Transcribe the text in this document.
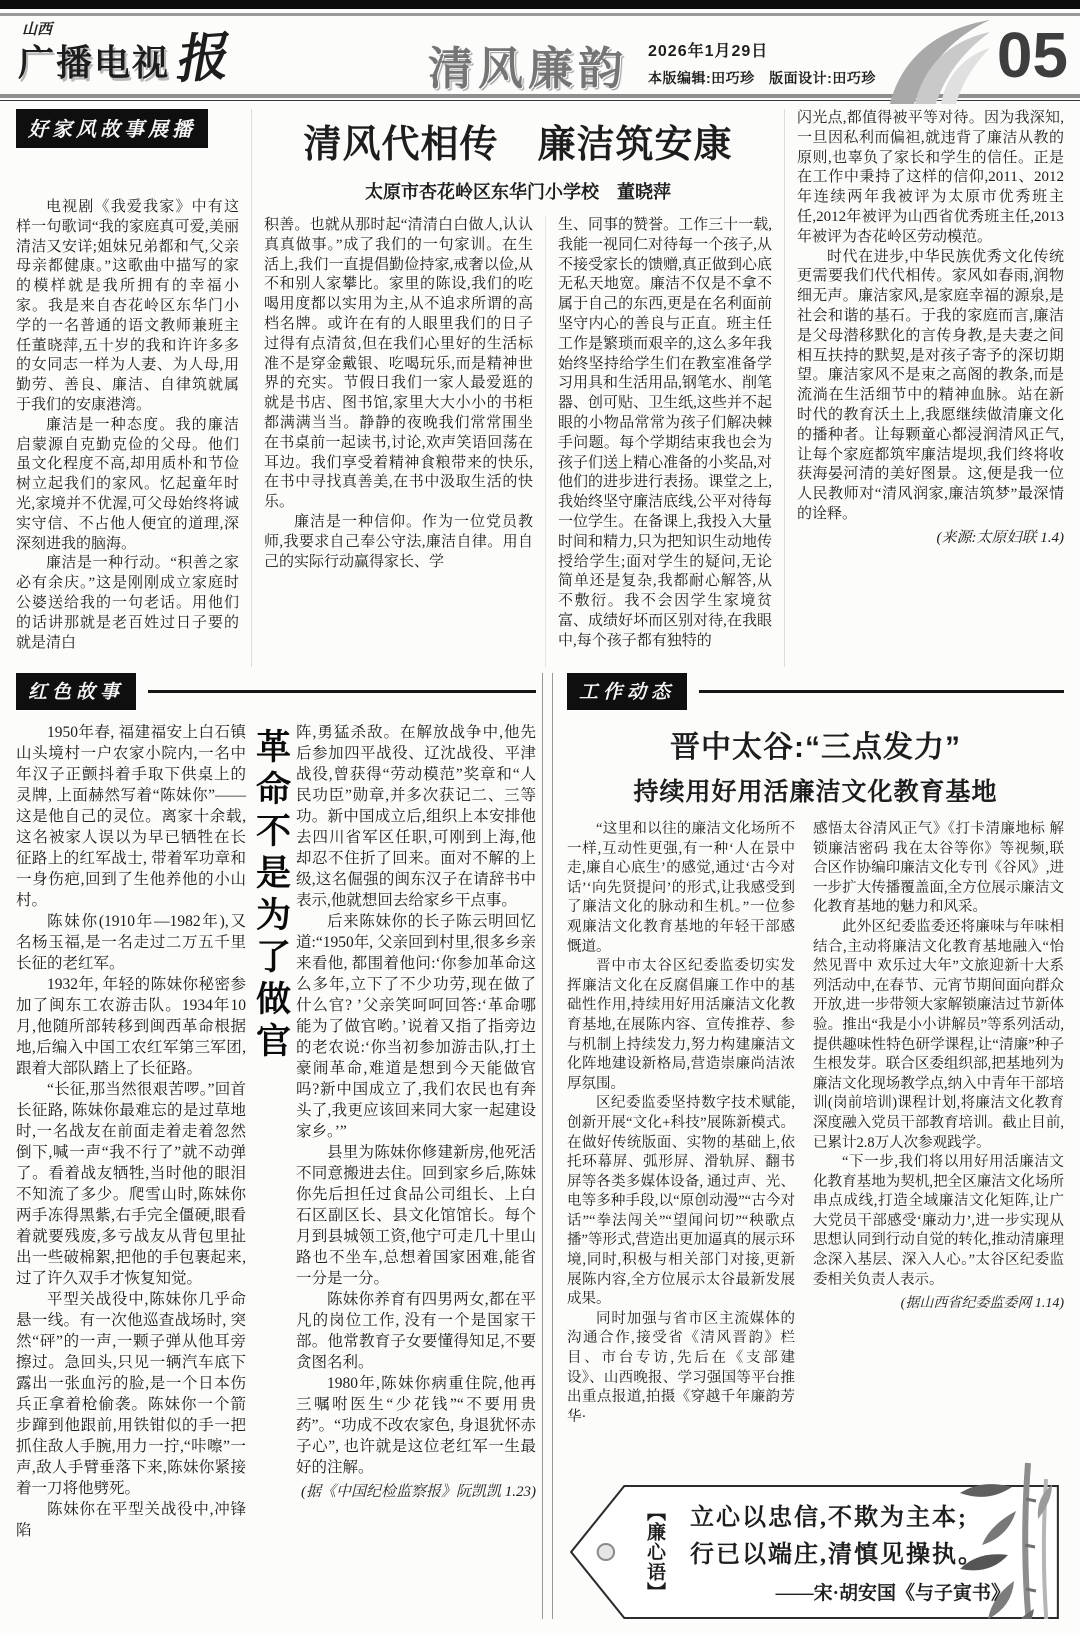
山西
广播电视 报	清风廉韵 2026年1月29日
本版编辑:田巧珍　版面设计:田巧珍 05
好家风故事展播

电视剧《我爱我家》中有这样一句歌词“我的家庭真可爱,美丽清洁又安详;姐妹兄弟都和气,父亲母亲都健康。”这歌曲中描写的家的模样就是我所拥有的幸福小家。我是来自杏花岭区东华门小学的一名普通的语文教师兼班主任董晓萍,五十岁的我和许许多多的女同志一样为人妻、为人母,用勤劳、善良、廉洁、自律筑就属于我们的安康港湾。

廉洁是一种态度。我的廉洁启蒙源自克勤克俭的父母。他们虽文化程度不高,却用质朴和节俭树立起我们的家风。忆起童年时光,家境并不优渥,可父母始终将诚实守信、不占他人便宜的道理,深深刻进我的脑海。

廉洁是一种行动。“积善之家必有余庆。”这是刚刚成立家庭时公婆送给我的一句老话。用他们的话讲那就是老百姓过日子要的就是清白

清风代相传　廉洁筑安康
太原市杏花岭区东华门小学校　董晓萍

积善。也就从那时起“清清白白做人,认认真真做事。”成了我们的一句家训。在生活上,我们一直提倡勤俭持家,戒奢以俭,从不和别人家攀比。家里的陈设,我们的吃喝用度都以实用为主,从不追求所谓的高档名牌。或许在有的人眼里我们的日子过得有点清贫,但在我们心里好的生活标准不是穿金戴银、吃喝玩乐,而是精神世界的充实。节假日我们一家人最爱逛的就是书店、图书馆,家里大大小小的书柜都满满当当。静静的夜晚我们常常围坐在书桌前一起读书,讨论,欢声笑语回荡在耳边。我们享受着精神食粮带来的快乐,在书中寻找真善美,在书中汲取生活的快乐。

廉洁是一种信仰。作为一位党员教师,我要求自己奉公守法,廉洁自律。用自己的实际行动赢得家长、学

生、同事的赞誉。工作三十一载,我能一视同仁对待每一个孩子,从不接受家长的馈赠,真正做到心底无私天地宽。廉洁不仅是不拿不属于自己的东西,更是在名利面前坚守内心的善良与正直。班主任工作是繁琐而艰辛的,这么多年我始终坚持给学生们在教室准备学习用具和生活用品,钢笔水、削笔器、创可贴、卫生纸,这些并不起眼的小物品常常为孩子们解决棘手问题。每个学期结束我也会为孩子们送上精心准备的小奖品,对他们的进步进行表扬。课堂之上,我始终坚守廉洁底线,公平对待每一位学生。在备课上,我投入大量时间和精力,只为把知识生动地传授给学生;面对学生的疑问,无论简单还是复杂,我都耐心解答,从不敷衍。我不会因学生家境贫富、成绩好坏而区别对待,在我眼中,每个孩子都有独特的

闪光点,都值得被平等对待。因为我深知,一旦因私利而偏袒,就违背了廉洁从教的原则,也辜负了家长和学生的信任。正是在工作中秉持了这样的信仰,2011、2012年连续两年我被评为太原市优秀班主任,2012年被评为山西省优秀班主任,2013年被评为杏花岭区劳动模范。

时代在进步,中华民族优秀文化传统更需要我们代代相传。家风如春雨,润物细无声。廉洁家风,是家庭幸福的源泉,是社会和谐的基石。于我的家庭而言,廉洁是父母潜移默化的言传身教,是夫妻之间相互扶持的默契,是对孩子寄予的深切期望。廉洁家风不是束之高阁的教条,而是流淌在生活细节中的精神血脉。站在新时代的教育沃土上,我愿继续做清廉文化的播种者。让每颗童心都浸润清风正气,让每个家庭都筑牢廉洁堤坝,我们终将收获海晏河清的美好图景。这,便是我一位人民教师对“清风润家,廉洁筑梦”最深情的诠释。

(来源:太原妇联 1.4)
红色故事

1950年春, 福建福安上白石镇山头境村一户农家小院内,一名中年汉子正颤抖着手取下供桌上的灵牌, 上面赫然写着“陈妹你”——这是他自己的灵位。离家十余载,这名被家人误以为早已牺牲在长征路上的红军战士, 带着军功章和一身伤疤,回到了生他养他的小山村。

陈妹你(1910年—1982年),又名杨玉福,是一名走过二万五千里长征的老红军。

1932年, 年轻的陈妹你秘密参加了闽东工农游击队。1934年10月,他随所部转移到闽西革命根据地,后编入中国工农红军第三军团,跟着大部队踏上了长征路。

“长征,那当然很艰苦啰。”回首长征路, 陈妹你最难忘的是过草地时,一名战友在前面走着走着忽然倒下,喊一声“我不行了”就不动弹了。看着战友牺牲,当时他的眼泪不知流了多少。爬雪山时,陈妹你两手冻得黑紫,右手完全僵硬,眼看着就要残废,多亏战友从背包里扯出一些破棉絮,把他的手包裹起来,过了许久双手才恢复知觉。

平型关战役中,陈妹你几乎命悬一线。有一次他巡查战场时, 突然“砰”的一声,一颗子弹从他耳旁擦过。急回头,只见一辆汽车底下露出一张血污的脸,是一个日本伤兵正拿着枪偷袭。陈妹你一个箭步蹿到他跟前,用铁钳似的手一把抓住敌人手腕,用力一拧,“咔嚓”一声,敌人手臂垂落下来,陈妹你紧接着一刀将他劈死。

陈妹你在平型关战役中,冲锋陷

革命不是为了做官 阵,勇猛杀敌。在解放战争中,他先后参加四平战役、辽沈战役、平津战役,曾获得“劳动模范”奖章和“人民功臣”勋章,并多次获记二、三等功。新中国成立后,组织上本安排他去四川省军区任职,可刚到上海,他却忍不住折了回来。面对不解的上级,这名倔强的闽东汉子在请辞书中表示,他就想回去给家乡干点事。

后来陈妹你的长子陈云明回忆道:“1950年, 父亲回到村里,很多乡亲来看他, 都围着他问:‘你参加革命这么多年,立下了不少功劳,现在做了什么官? ’父亲笑呵呵回答:‘革命哪能为了做官哟。’说着又指了指旁边的老农说:‘你当初参加游击队,打土豪闹革命,难道是想到今天能做官吗?新中国成立了,我们农民也有奔头了,我更应该回来同大家一起建设家乡。’”

县里为陈妹你修建新房,他死活不同意搬进去住。回到家乡后,陈妹你先后担任过食品公司组长、上白石区副区长、县文化馆馆长。每个月到县城领工资,他宁可走几十里山路也不坐车,总想着国家困难,能省一分是一分。

陈妹你养育有四男两女,都在平凡的岗位工作, 没有一个是国家干部。他常教育子女要懂得知足,不要贪图名利。

1980年,陈妹你病重住院,他再三嘱咐医生“少花钱”“不要用贵药”。“功成不改农家色, 身退犹怀赤子心”, 也许就是这位老红军一生最好的注解。

(据《中国纪检监察报》阮凯凯 1.23)
工作动态
晋中太谷:“三点发力”
持续用好用活廉洁文化教育基地

“这里和以往的廉洁文化场所不一样,互动性更强,有一种‘人在景中走,廉自心底生’的感觉,通过‘古今对话’‘向先贤提问’的形式,让我感受到了廉洁文化的脉动和生机。”一位参观廉洁文化教育基地的年轻干部感慨道。

晋中市太谷区纪委监委切实发挥廉洁文化在反腐倡廉工作中的基础性作用,持续用好用活廉洁文化教育基地,在展陈内容、宣传推荐、参与机制上持续发力,努力构建廉洁文化阵地建设新格局,营造崇廉尚洁浓厚氛围。

区纪委监委坚持数字技术赋能,创新开展“文化+科技”展陈新模式。在做好传统版面、实物的基础上,依托环幕屏、弧形屏、滑轨屏、翻书屏等各类多媒体设备, 通过声、光、电等多种手段,以“原创动漫”“古今对话”“拳法闯关”“望闻问切”“秧歌点播”等形式,营造出更加逼真的展示环境,同时,积极与相关部门对接,更新展陈内容,全方位展示太谷最新发展成果。

同时加强与省市区主流媒体的沟通合作,接受省《清风晋韵》栏目、市台专访,先后在《支部建设》、山西晚报、学习强国等平台推出重点报道,拍摄《穿越千年廉韵芳华·

感悟太谷清风正气》《打卡清廉地标 解锁廉洁密码 我在太谷等你》等视频,联合区作协编印廉洁文化专刊《谷风》,进一步扩大传播覆盖面,全方位展示廉洁文化教育基地的魅力和风采。

此外区纪委监委还将廉味与年味相结合,主动将廉洁文化教育基地融入“怡然见晋中 欢乐过大年”文旅迎新十大系列活动中,在春节、元宵节期间面向群众开放,进一步带领大家解锁廉洁过节新体验。推出“我是小小讲解员”等系列活动, 提供趣味性特色研学课程,让“清廉”种子生根发芽。联合区委组织部,把基地列为廉洁文化现场教学点,纳入中青年干部培训(岗前培训)课程计划,将廉洁文化教育深度融入党员干部教育培训。截止目前, 已累计2.8万人次参观践学。

“下一步,我们将以用好用活廉洁文化教育基地为契机,把全区廉洁文化场所串点成线,打造全域廉洁文化矩阵,让广大党员干部感受‘廉动力’,进一步实现从思想认同到行动自觉的转化,推动清廉理念深入基层、深入人心。”太谷区纪委监委相关负责人表示。

(据山西省纪委监委网 1.14)
【廉心语】 立心以忠信,不欺为主本;
行已以端庄,清慎见操执。
——宋·胡安国《与子寅书》
